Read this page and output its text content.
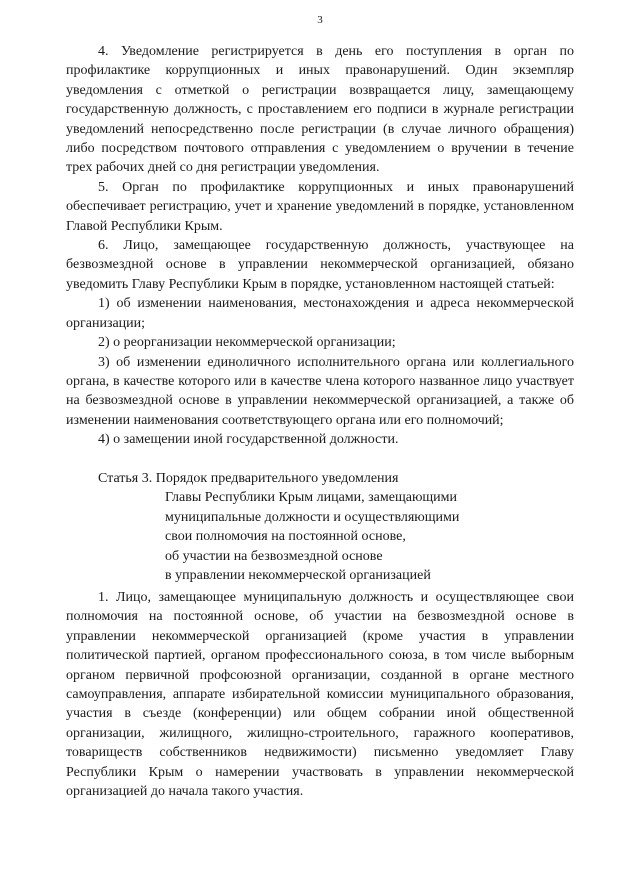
3

4. Уведомление регистрируется в день его поступления в орган по профилактике коррупционных и иных правонарушений. Один экземпляр уведомления с отметкой о регистрации возвращается лицу, замещающему государственную должность, с проставлением его подписи в журнале регистрации уведомлений непосредственно после регистрации (в случае личного обращения) либо посредством почтового отправления с уведомлением о вручении в течение трех рабочих дней со дня регистрации уведомления.

5. Орган по профилактике коррупционных и иных правонарушений обеспечивает регистрацию, учет и хранение уведомлений в порядке, установленном Главой Республики Крым.

6. Лицо, замещающее государственную должность, участвующее на безвозмездной основе в управлении некоммерческой организацией, обязано уведомить Главу Республики Крым в порядке, установленном настоящей статьей:

1) об изменении наименования, местонахождения и адреса некоммерческой организации;

2) о реорганизации некоммерческой организации;

3) об изменении единоличного исполнительного органа или коллегиального органа, в качестве которого или в качестве члена которого названное лицо участвует на безвозмездной основе в управлении некоммерческой организацией, а также об изменении наименования соответствующего органа или его полномочий;

4) о замещении иной государственной должности.

Статья 3. Порядок предварительного уведомления
Главы Республики Крым лицами, замещающими
муниципальные должности и осуществляющими
свои полномочия на постоянной основе,
об участии на безвозмездной основе
в управлении некоммерческой организацией

1. Лицо, замещающее муниципальную должность и осуществляющее свои полномочия на постоянной основе, об участии на безвозмездной основе в управлении некоммерческой организацией (кроме участия в управлении политической партией, органом профессионального союза, в том числе выборным органом первичной профсоюзной организации, созданной в органе местного самоуправления, аппарате избирательной комиссии муниципального образования, участия в съезде (конференции) или общем собрании иной общественной организации, жилищного, жилищно-строительного, гаражного кооперативов, товариществ собственников недвижимости) письменно уведомляет Главу Республики Крым о намерении участвовать в управлении некоммерческой организацией до начала такого участия.
